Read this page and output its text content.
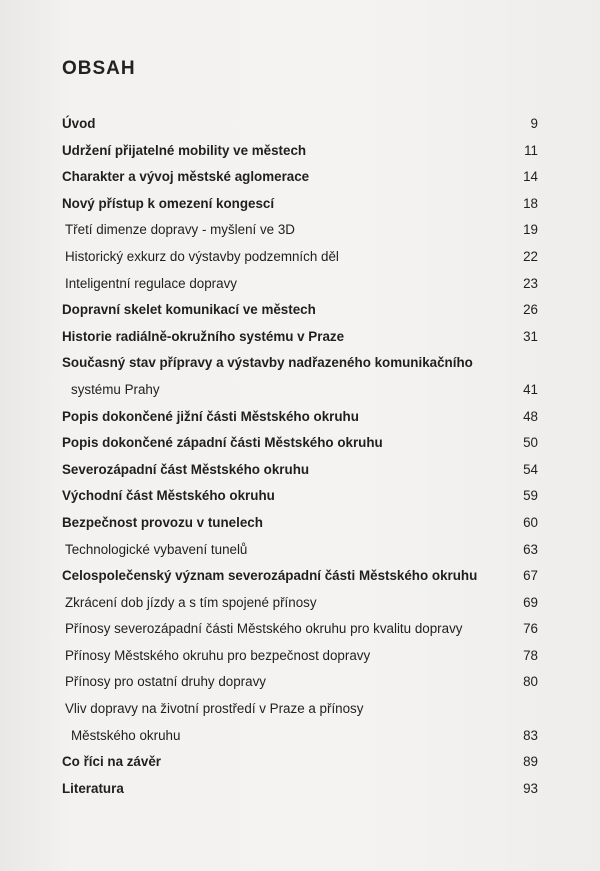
OBSAH
Úvod	9
Udržení přijatelné mobility ve městech	11
Charakter a vývoj městské aglomerace	14
Nový přístup k omezení kongescí	18
Třetí dimenze dopravy - myšlení ve 3D	19
Historický exkurz do výstavby podzemních děl	22
Inteligentní regulace dopravy	23
Dopravní skelet komunikací ve městech	26
Historie radiálně-okružního systému v Praze	31
Současný stav přípravy a výstavby nadřazeného komunikačního
systému Prahy	41
Popis dokončené jižní části Městského okruhu	48
Popis dokončené západní části Městského okruhu	50
Severozápadní část Městského okruhu	54
Východní část Městského okruhu	59
Bezpečnost provozu v tunelech	60
Technologické vybavení tunelů	63
Celospolečenský význam severozápadní části Městského okruhu	67
Zkrácení dob jízdy a s tím spojené přínosy	69
Přínosy severozápadní části Městského okruhu pro kvalitu dopravy	76
Přínosy Městského okruhu pro bezpečnost dopravy	78
Přínosy pro ostatní druhy dopravy	80
Vliv dopravy na životní prostředí v Praze a přínosy
Městského okruhu	83
Co říci na závěr	89
Literatura	93
